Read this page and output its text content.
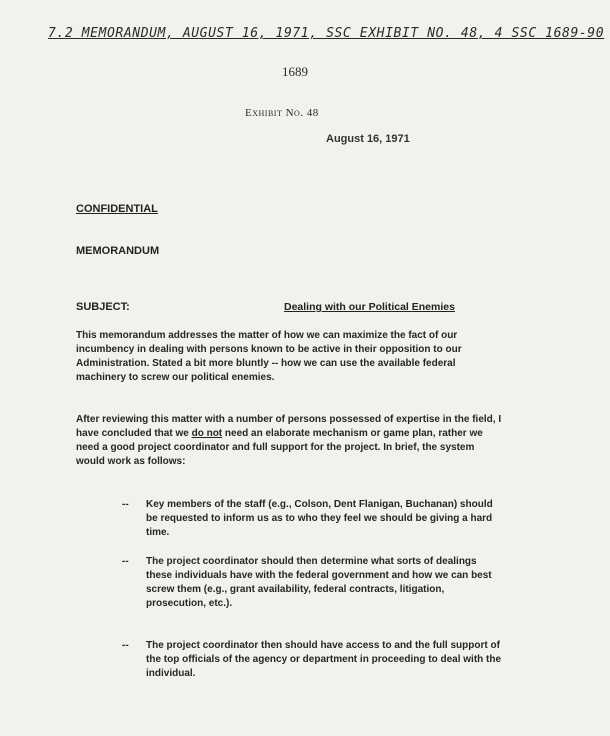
7.2 MEMORANDUM, AUGUST 16, 1971, SSC EXHIBIT NO. 48, 4 SSC 1689-90
1689
Exhibit No. 48
August 16, 1971
CONFIDENTIAL
MEMORANDUM
SUBJECT:	Dealing with our Political Enemies
This memorandum addresses the matter of how we can maximize the fact of our incumbency in dealing with persons known to be active in their opposition to our Administration. Stated a bit more bluntly -- how we can use the available federal machinery to screw our political enemies.
After reviewing this matter with a number of persons possessed of expertise in the field, I have concluded that we do not need an elaborate mechanism or game plan, rather we need a good project coordinator and full support for the project. In brief, the system would work as follows:
-- Key members of the staff (e.g., Colson, Dent Flanigan, Buchanan) should be requested to inform us as to who they feel we should be giving a hard time.
-- The project coordinator should then determine what sorts of dealings these individuals have with the federal government and how we can best screw them (e.g., grant availability, federal contracts, litigation, prosecution, etc.).
-- The project coordinator then should have access to and the full support of the top officials of the agency or department in proceeding to deal with the individual.
